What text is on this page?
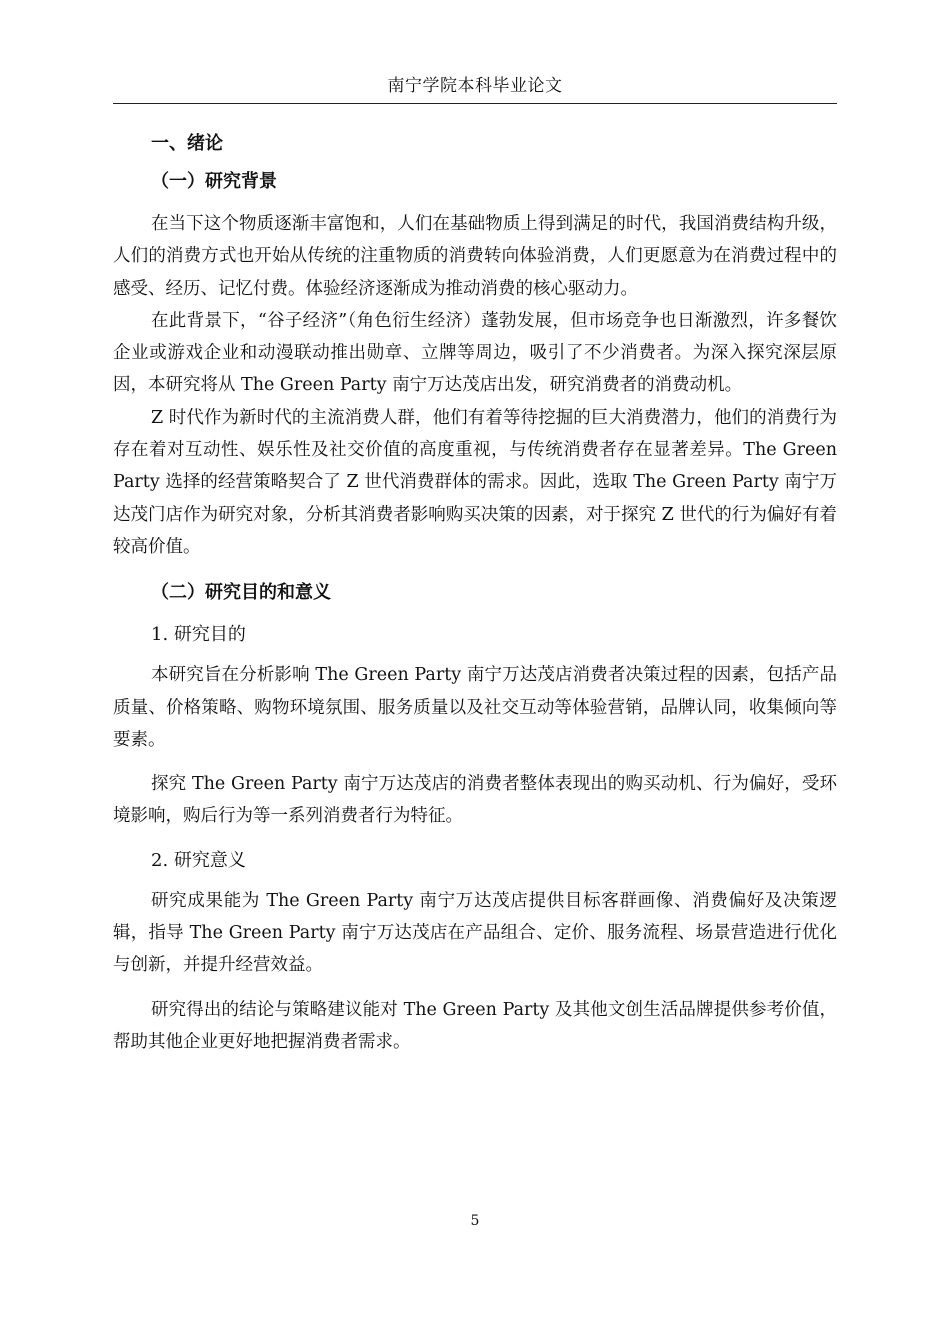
南宁学院本科毕业论文
一、绪论
（一）研究背景

在当下这个物质逐渐丰富饱和，人们在基础物质上得到满足的时代，我国消费结构升级，人们的消费方式也开始从传统的注重物质的消费转向体验消费，人们更愿意为在消费过程中的感受、经历、记忆付费。体验经济逐渐成为推动消费的核心驱动力。

在此背景下，“谷子经济”（角色衍生经济）蓬勃发展，但市场竞争也日渐激烈，许多餐饮企业或游戏企业和动漫联动推出勋章、立牌等周边，吸引了不少消费者。为深入探究深层原因，本研究将从 The Green Party 南宁万达茂店出发，研究消费者的消费动机。

Z 时代作为新时代的主流消费人群，他们有着等待挖掘的巨大消费潜力，他们的消费行为存在着对互动性、娱乐性及社交价值的高度重视，与传统消费者存在显著差异。The Green Party 选择的经营策略契合了 Z 世代消费群体的需求。因此，选取 The Green Party 南宁万达茂门店作为研究对象，分析其消费者影响购买决策的因素，对于探究 Z 世代的行为偏好有着较高价值。

（二）研究目的和意义
1. 研究目的

本研究旨在分析影响 The Green Party 南宁万达茂店消费者决策过程的因素，包括产品质量、价格策略、购物环境氛围、服务质量以及社交互动等体验营销，品牌认同，收集倾向等要素。

探究 The Green Party 南宁万达茂店的消费者整体表现出的购买动机、行为偏好，受环境影响，购后行为等一系列消费者行为特征。

2. 研究意义

研究成果能为 The Green Party 南宁万达茂店提供目标客群画像、消费偏好及决策逻辑，指导 The Green Party 南宁万达茂店在产品组合、定价、服务流程、场景营造进行优化与创新，并提升经营效益。

研究得出的结论与策略建议能对 The Green Party 及其他文创生活品牌提供参考价值，帮助其他企业更好地把握消费者需求。

5
